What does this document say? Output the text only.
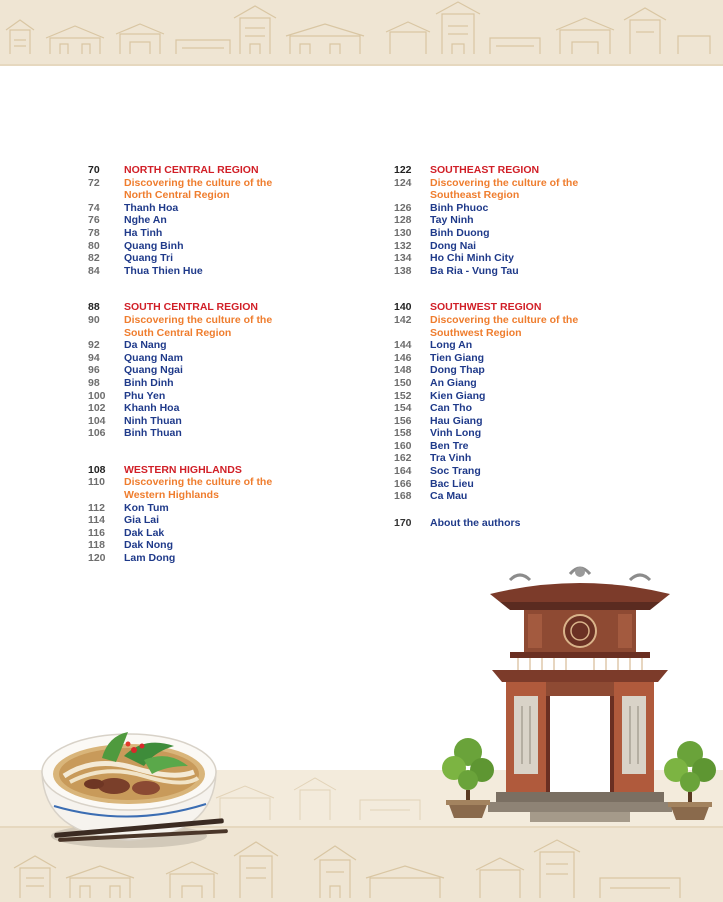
70	NORTH CENTRAL REGION
72	Discovering the culture of the
North Central Region
74	Thanh Hoa
76	Nghe An
78	Ha Tinh
80	Quang Binh
82	Quang Tri
84	Thua Thien Hue
88	SOUTH CENTRAL REGION
90	Discovering the culture of the
South Central Region
92	Da Nang
94	Quang Nam
96	Quang Ngai
98	Binh Dinh
100	Phu Yen
102	Khanh Hoa
104	Ninh Thuan
106	Binh Thuan
108	WESTERN HIGHLANDS
110	Discovering the culture of the
Western Highlands
112	Kon Tum
114	Gia Lai
116	Dak Lak
118	Dak Nong
120	Lam Dong
122	SOUTHEAST REGION
124	Discovering the culture of the
Southeast Region
126	Binh Phuoc
128	Tay Ninh
130	Binh Duong
132	Dong Nai
134	Ho Chi Minh City
138	Ba Ria - Vung Tau
140	SOUTHWEST REGION
142	Discovering the culture of the
Southwest Region
144	Long An
146	Tien Giang
148	Dong Thap
150	An Giang
152	Kien Giang
154	Can Tho
156	Hau Giang
158	Vinh Long
160	Ben Tre
162	Tra Vinh
164	Soc Trang
166	Bac Lieu
168	Ca Mau
170	About the authors
